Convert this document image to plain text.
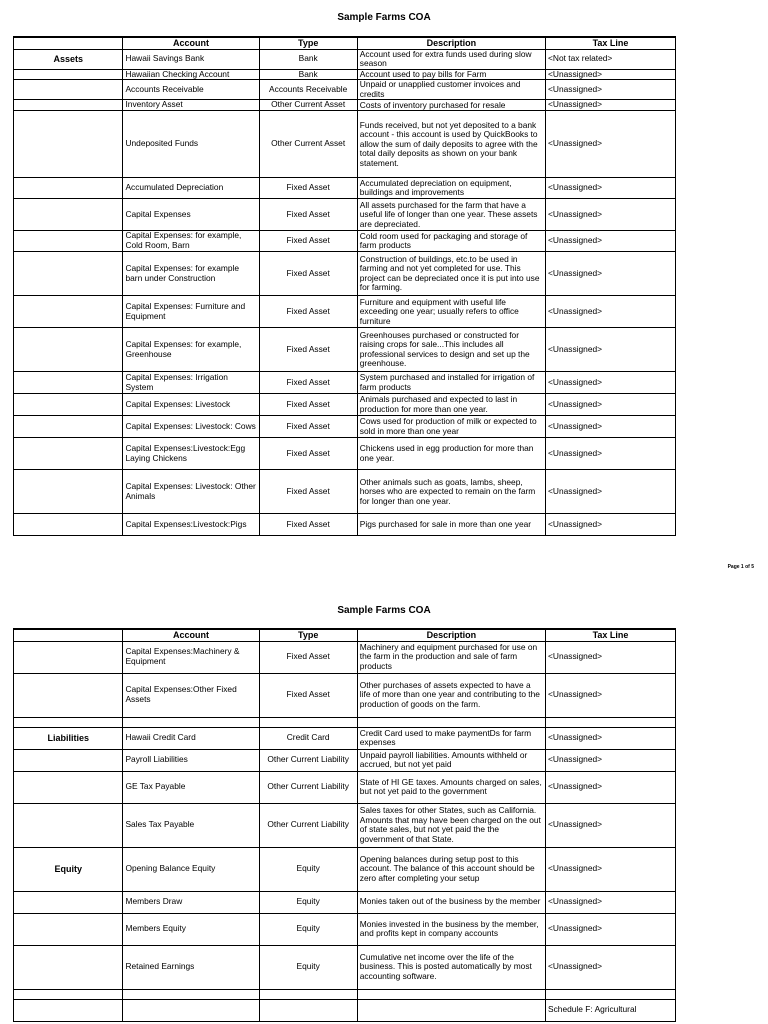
Sample Farms COA
	Account	Type	Description	Tax Line
Assets	Hawaii Savings Bank	Bank	Account used for extra funds used during slow season	<Not tax related>
	Hawaiian Checking Account	Bank	Account used to pay bills for Farm	<Unassigned>
	Accounts Receivable	Accounts Receivable	Unpaid or unapplied customer invoices and credits	<Unassigned>
	Inventory Asset	Other Current Asset	Costs of inventory purchased for resale	<Unassigned>
	Undeposited Funds	Other Current Asset	Funds received, but not yet deposited to a bank account - this account is used by QuickBooks to allow the sum of daily deposits to agree with the total daily deposits as shown on your bank statement.	<Unassigned>
	Accumulated Depreciation	Fixed Asset	Accumulated depreciation on equipment, buildings and improvements	<Unassigned>
	Capital Expenses	Fixed Asset	All assets purchased for the farm that have a useful life of longer than one year. These assets are depreciated.	<Unassigned>
	Capital Expenses: for example, Cold Room, Barn	Fixed Asset	Cold room used for packaging and storage of farm products	<Unassigned>
	Capital Expenses: for example barn under Construction	Fixed Asset	Construction of buildings, etc.to be used in farming and not yet completed for use. This project can be depreciated once it is put into use for farming.	<Unassigned>
	Capital Expenses: Furniture and Equipment	Fixed Asset	Furniture and equipment with useful life exceeding one year; usually refers to office furniture	<Unassigned>
	Capital Expenses: for example, Greenhouse	Fixed Asset	Greenhouses purchased or constructed for raising crops for sale...This includes all professional services to design and set up the greenhouse.	<Unassigned>
	Capital Expenses: Irrigation System	Fixed Asset	System purchased and installed for irrigation of farm products	<Unassigned>
	Capital Expenses: Livestock	Fixed Asset	Animals purchased and expected to last in production for more than one year.	<Unassigned>
	Capital Expenses: Livestock: Cows	Fixed Asset	Cows used for production of milk or expected to sold in more than one year	<Unassigned>
	Capital Expenses:Livestock:Egg Laying Chickens	Fixed Asset	Chickens used in egg production for more than one year.	<Unassigned>
	Capital Expenses: Livestock: Other Animals	Fixed Asset	Other animals such as goats, lambs, sheep, horses who are expected to remain on the farm for longer than one year.	<Unassigned>
	Capital Expenses:Livestock:Pigs	Fixed Asset	Pigs purchased for sale in more than one year	<Unassigned>
Page 1 of 5
Sample Farms COA
	Account	Type	Description	Tax Line
	Capital Expenses:Machinery & Equipment	Fixed Asset	Machinery and equipment purchased for use on the farm in the production and sale of farm products	<Unassigned>
	Capital Expenses:Other Fixed Assets	Fixed Asset	Other purchases of assets expected to have a life of more than one year and contributing to the production of goods on the farm.	<Unassigned>

Liabilities	Hawaii Credit Card	Credit Card	Credit Card used to make paymentDs for farm expenses	<Unassigned>
	Payroll Liabilities	Other Current Liability	Unpaid payroll liabilities. Amounts withheld or accrued, but not yet paid	<Unassigned>
	GE Tax Payable	Other Current Liability	State of HI GE taxes. Amounts charged on sales, but not yet paid to the government	<Unassigned>
	Sales Tax Payable	Other Current Liability	Sales taxes for other States, such as California. Amounts that may have been charged on the out of state sales, but not yet paid the the government of that State.	<Unassigned>
Equity	Opening Balance Equity	Equity	Opening balances during setup post to this account. The balance of this account should be zero after completing your setup	<Unassigned>
	Members Draw	Equity	Monies taken out of the business by the member	<Unassigned>
	Members Equity	Equity	Monies invested in the business by the member, and profits kept in company accounts	<Unassigned>
	Retained Earnings	Equity	Cumulative net income over the life of the business. This is posted automatically by most accounting software.	<Unassigned>

				Schedule F: Agricultural
